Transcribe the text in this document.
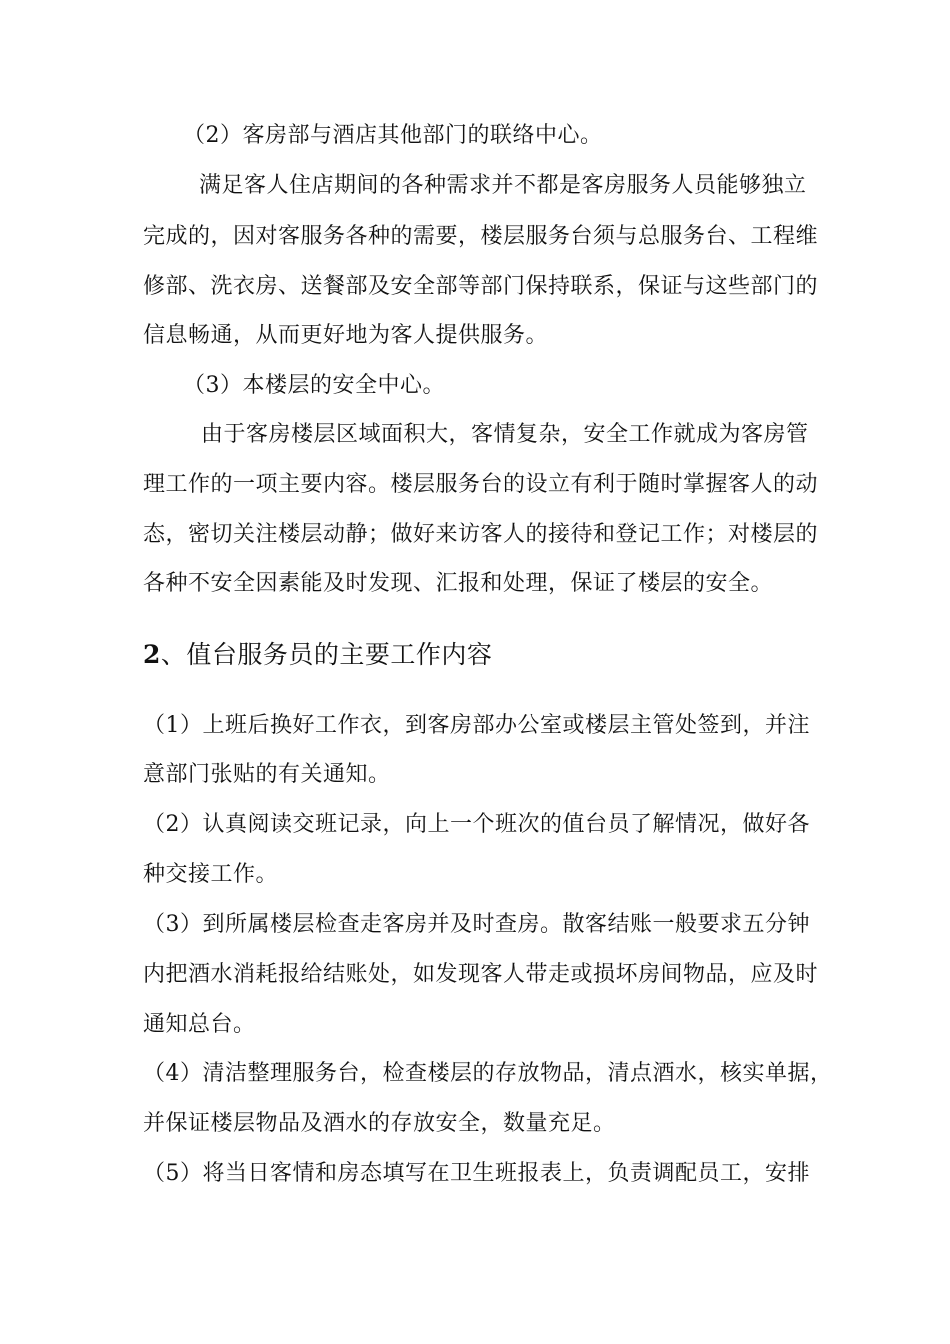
（2）客房部与酒店其他部门的联络中心。
满足客人住店期间的各种需求并不都是客房服务人员能够独立
完成的，因对客服务各种的需要，楼层服务台须与总服务台、工程维
修部、洗衣房、送餐部及安全部等部门保持联系，保证与这些部门的
信息畅通，从而更好地为客人提供服务。
（3）本楼层的安全中心。
由于客房楼层区域面积大，客情复杂，安全工作就成为客房管
理工作的一项主要内容。楼层服务台的设立有利于随时掌握客人的动
态，密切关注楼层动静；做好来访客人的接待和登记工作；对楼层的
各种不安全因素能及时发现、汇报和处理，保证了楼层的安全。
2、值台服务员的主要工作内容
（1）上班后换好工作衣，到客房部办公室或楼层主管处签到，并注
意部门张贴的有关通知。
（2）认真阅读交班记录，向上一个班次的值台员了解情况，做好各
种交接工作。
（3）到所属楼层检查走客房并及时查房。散客结账一般要求五分钟
内把酒水消耗报给结账处，如发现客人带走或损坏房间物品，应及时
通知总台。
（4）清洁整理服务台，检查楼层的存放物品，清点酒水，核实单据，
并保证楼层物品及酒水的存放安全，数量充足。
（5）将当日客情和房态填写在卫生班报表上，负责调配员工，安排
